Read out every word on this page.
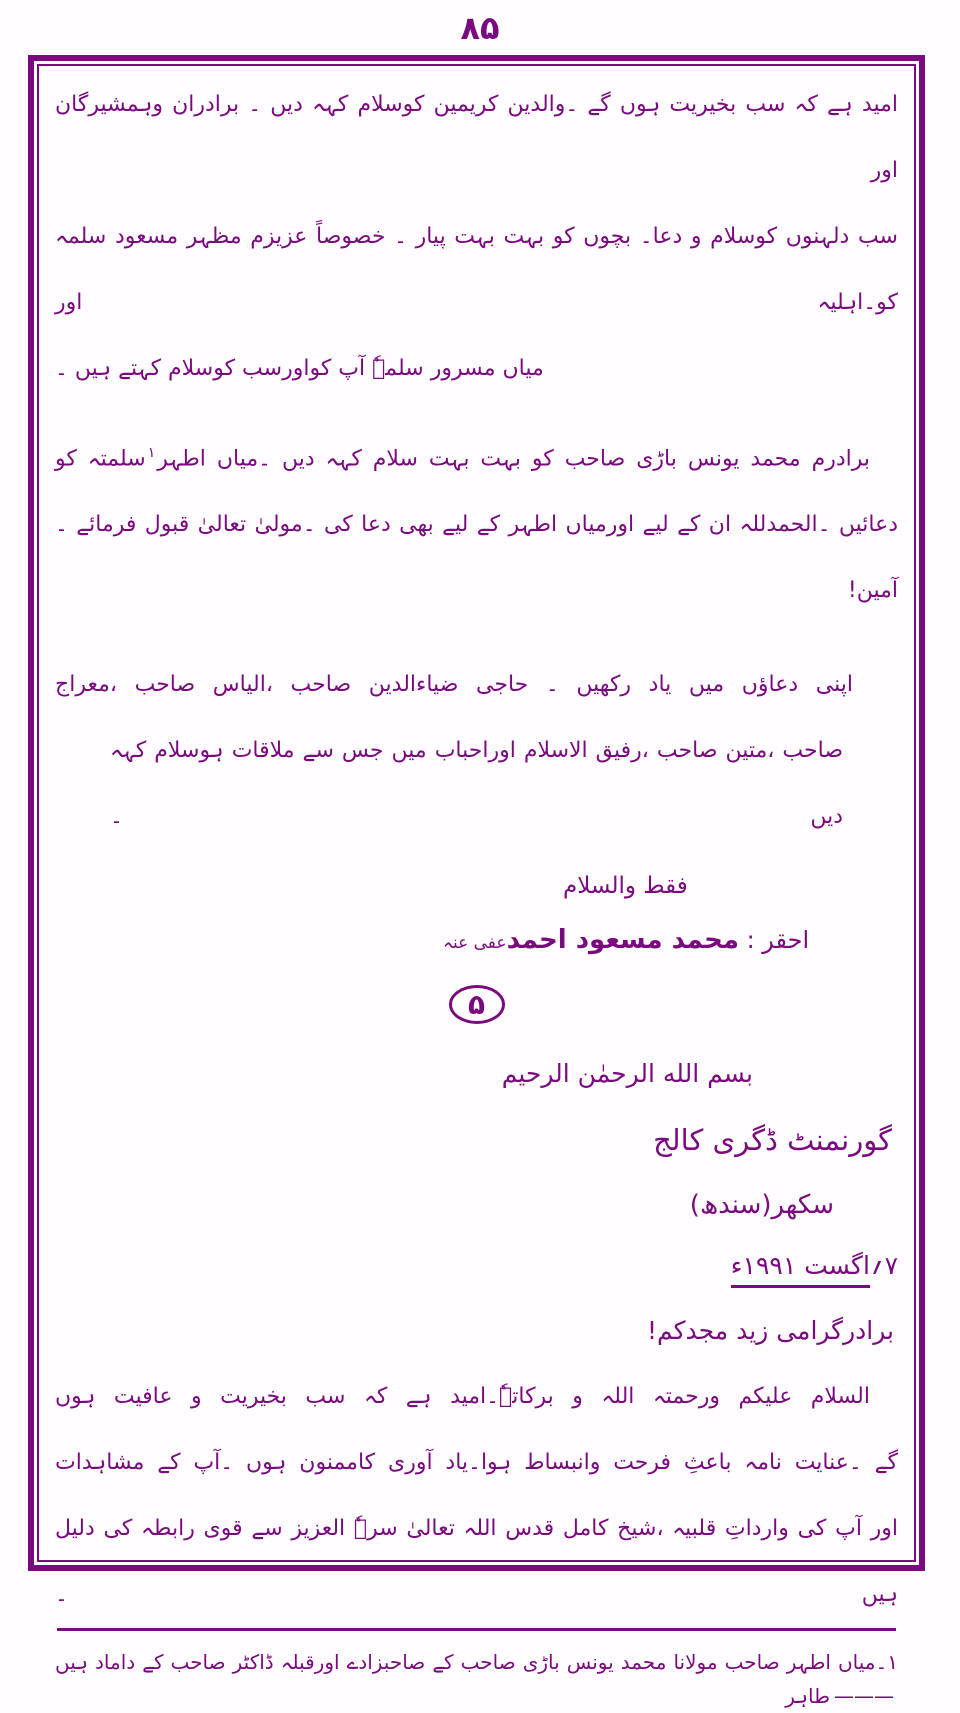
۸۵
امید ہے کہ سب بخیریت ہوں گے ۔والدین کریمین کوسلام کہہ دیں ۔ برادران وہمشیرگان اور
سب دلہنوں کوسلام و دعا۔ بچوں کو بہت بہت پیار ۔ خصوصاً عزیزم مظہر مسعود سلمہ کو۔اہلیہ اور
میاں مسرور سلمہٗ آپ کواورسب کوسلام کہتے ہیں ۔
برادرم محمد یونس باڑی صاحب کو بہت بہت سلام کہہ دیں ۔میاں اطہر$^۱$سلمتہ کو
دعائیں ۔الحمدللہ ان کے لیے اورمیاں اطہر کے لیے بھی دعا کی ۔مولیٰ تعالیٰ قبول فرمائے ۔
آمین!
اپنی دعاؤں میں یاد رکھیں ۔ حاجی ضیاءالدین صاحب ،الیاس صاحب ،معراج
صاحب ،متین صاحب ،رفیق الاسلام اوراحباب میں جس سے ملاقات ہوسلام کہہ دیں ۔
فقط والسلام
احقر : محمد مسعود احمدعفی عنہ
۵
بسم الله الرحمٰن الرحیم
گورنمنٹ ڈگری کالج
سکھر(سندھ)
۷؍اگست ۱۹۹۱ء
برادرگرامی زید مجدکم!
السلام علیکم ورحمتہ اللہ و برکاتہٗ۔امید ہے کہ سب بخیریت و عافیت ہوں
گے ۔عنایت نامہ باعثِ فرحت وانبساط ہوا۔یاد آوری کاممنون ہوں ۔آپ کے مشاہدات
اور آپ کی وارداتِ قلبیہ ،شیخ کامل قدس اللہ تعالیٰ سرہٗ العزیز سے قوی رابطہ کی دلیل ہیں ۔
۱۔میاں اطہر صاحب مولانا محمد یونس باڑی صاحب کے صاحبزادے اورقبلہ ڈاکٹر صاحب کے داماد ہیں———طاہر
